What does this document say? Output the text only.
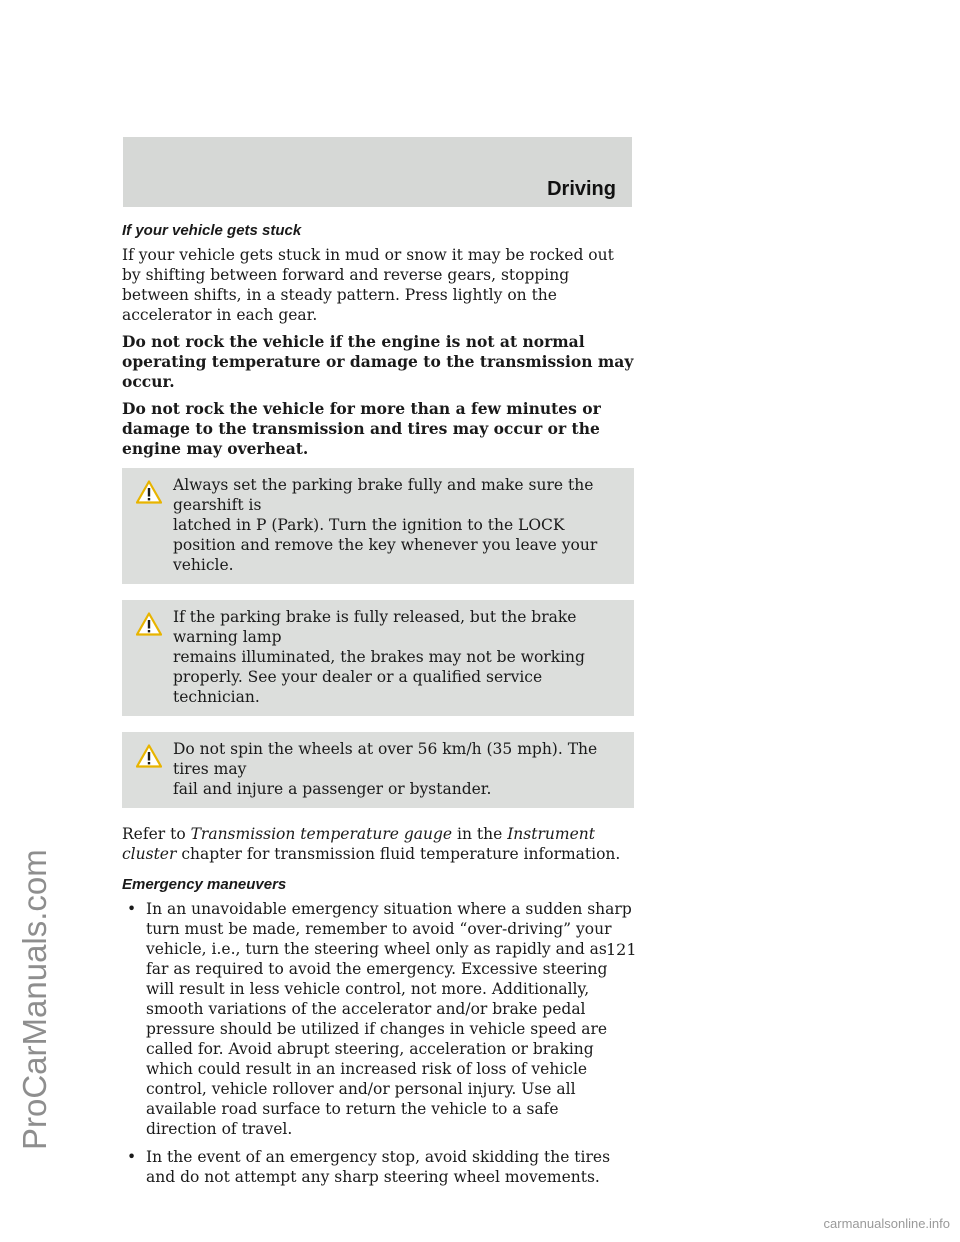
Driving
ProCarManuals.com
If your vehicle gets stuck

If your vehicle gets stuck in mud or snow it may be rocked out by shifting between forward and reverse gears, stopping between shifts, in a steady pattern. Press lightly on the accelerator in each gear.

Do not rock the vehicle if the engine is not at normal operating temperature or damage to the transmission may occur.

Do not rock the vehicle for more than a few minutes or damage to the transmission and tires may occur or the engine may overheat.

Always set the parking brake fully and make sure the gearshift is
latched in P (Park). Turn the ignition to the LOCK position and remove the key whenever you leave your vehicle.
If the parking brake is fully released, but the brake warning lamp
remains illuminated, the brakes may not be working properly. See your dealer or a qualified service technician.
Do not spin the wheels at over 56 km/h (35 mph). The tires may
fail and injure a passenger or bystander.

Refer to Transmission temperature gauge in the Instrument cluster chapter for transmission fluid temperature information.

Emergency maneuvers
• In an unavoidable emergency situation where a sudden sharp turn must be made, remember to avoid “over-driving” your vehicle, i.e., turn the steering wheel only as rapidly and as far as required to avoid the emergency. Excessive steering will result in less vehicle control, not more. Additionally, smooth variations of the accelerator and/or brake pedal pressure should be utilized if changes in vehicle speed are called for. Avoid abrupt steering, acceleration or braking which could result in an increased risk of loss of vehicle control, vehicle rollover and/or personal injury. Use all available road surface to return the vehicle to a safe direction of travel.
• In the event of an emergency stop, avoid skidding the tires and do not attempt any sharp steering wheel movements.
121
carmanualsonline.info
